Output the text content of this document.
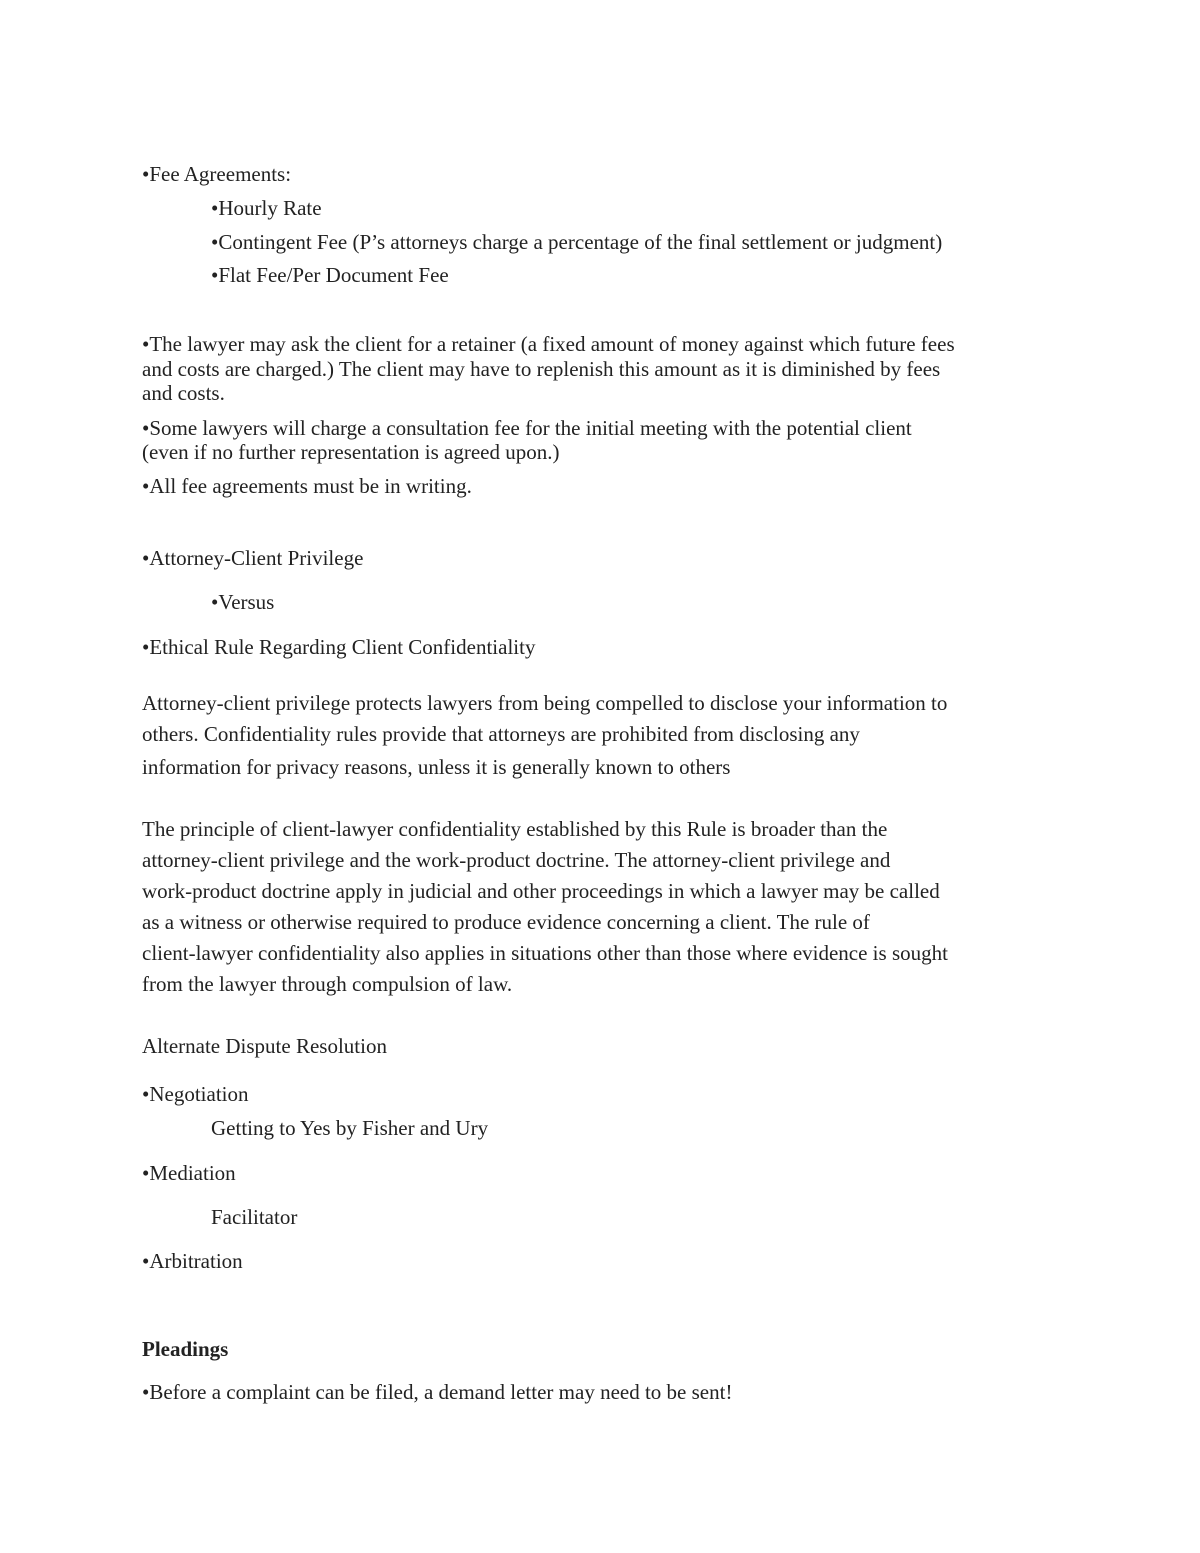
•Fee Agreements:

•Hourly Rate

•Contingent Fee (P’s attorneys charge a percentage of the final settlement or judgment)

•Flat Fee/Per Document Fee

•The lawyer may ask the client for a retainer (a fixed amount of money against which future fees

and costs are charged.) The client may have to replenish this amount as it is diminished by fees

and costs.

•Some lawyers will charge a consultation fee for the initial meeting with the potential client

(even if no further representation is agreed upon.)

•All fee agreements must be in writing.

•Attorney-Client Privilege

•Versus

•Ethical Rule Regarding Client Confidentiality

Attorney-client privilege protects lawyers from being compelled to disclose your information to

others. Confidentiality rules provide that attorneys are prohibited from disclosing any

information for privacy reasons, unless it is generally known to others

The principle of client-lawyer confidentiality established by this Rule is broader than the

attorney-client privilege and the work-product doctrine. The attorney-client privilege and

work-product doctrine apply in judicial and other proceedings in which a lawyer may be called

as a witness or otherwise required to produce evidence concerning a client. The rule of

client-lawyer confidentiality also applies in situations other than those where evidence is sought

from the lawyer through compulsion of law.

Alternate Dispute Resolution

•Negotiation

Getting to Yes by Fisher and Ury

•Mediation

Facilitator

•Arbitration

Pleadings

•Before a complaint can be filed, a demand letter may need to be sent!
